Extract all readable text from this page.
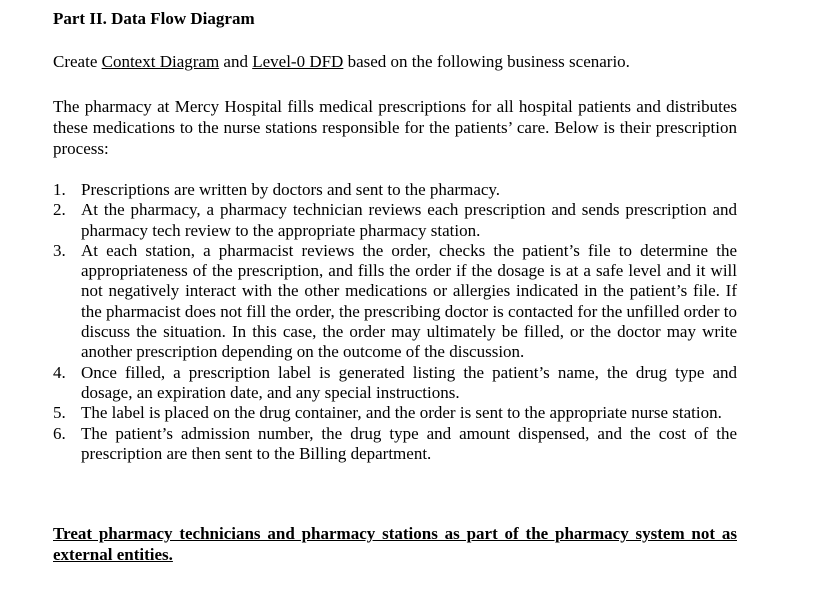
Part II. Data Flow Diagram
Create Context Diagram and Level-0 DFD based on the following business scenario.
The pharmacy at Mercy Hospital fills medical prescriptions for all hospital patients and distributes these medications to the nurse stations responsible for the patients’ care. Below is their prescription process:
1. Prescriptions are written by doctors and sent to the pharmacy.
2. At the pharmacy, a pharmacy technician reviews each prescription and sends prescription and pharmacy tech review to the appropriate pharmacy station.
3. At each station, a pharmacist reviews the order, checks the patient’s file to determine the appropriateness of the prescription, and fills the order if the dosage is at a safe level and it will not negatively interact with the other medications or allergies indicated in the patient’s file. If the pharmacist does not fill the order, the prescribing doctor is contacted for the unfilled order to discuss the situation. In this case, the order may ultimately be filled, or the doctor may write another prescription depending on the outcome of the discussion.
4. Once filled, a prescription label is generated listing the patient’s name, the drug type and dosage, an expiration date, and any special instructions.
5. The label is placed on the drug container, and the order is sent to the appropriate nurse station.
6. The patient’s admission number, the drug type and amount dispensed, and the cost of the prescription are then sent to the Billing department.
Treat pharmacy technicians and pharmacy stations as part of the pharmacy system not as external entities.
